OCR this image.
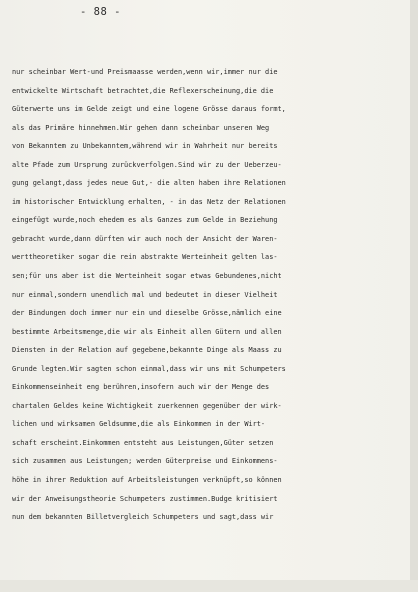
- 88 -
nur scheinbar Wert-und Preismaasse werden,wenn wir,immer nur die
entwickelte Wirtschaft betrachtet,die Reflexerscheinung,die die
Güterwerte uns im Gelde zeigt und eine logene Grösse daraus formt,
als das Primäre hinnehmen.Wir gehen dann scheinbar unseren Weg
von Bekanntem zu Unbekanntem,während wir in Wahrheit nur bereits
alte Pfade zum Ursprung zurückverfolgen.Sind wir zu der Ueberzeu-
gung gelangt,dass jedes neue Gut,- die alten haben ihre Relationen
im historischer Entwicklung erhalten, - in das Netz der Relationen
eingefügt wurde,noch ehedem es als Ganzes zum Gelde in Beziehung
gebracht wurde,dann dürften wir auch noch der Ansicht der Waren-
werttheoretiker sogar die rein abstrakte Werteinheit gelten las-
sen;für uns aber ist die Werteinheit sogar etwas Gebundenes,nicht
nur einmal,sondern unendlich mal und bedeutet in dieser Vielheit
der Bindungen doch immer nur ein und dieselbe Grösse,nämlich eine
bestimmte Arbeitsmenge,die wir als Einheit allen Gütern und allen
Diensten in der Relation auf gegebene,bekannte Dinge als Maass zu
Grunde legten.Wir sagten schon einmal,dass wir uns mit Schumpeters
Einkommenseinheit eng berühren,insofern auch wir der Menge des
chartalen Geldes keine Wichtigkeit zuerkennen gegenüber der wirk-
lichen und wirksamen Geldsumme,die als Einkommen in der Wirt-
schaft erscheint.Einkommen entsteht aus Leistungen,Güter setzen
sich zusammen aus Leistungen; werden Güterpreise und Einkommens-
höhe in ihrer Reduktion auf Arbeitsleistungen verknüpft,so können
wir der Anweisungstheorie Schumpeters zustimmen.Budge kritisiert
nun dem bekannten Billetvergleich Schumpeters und sagt,dass wir
